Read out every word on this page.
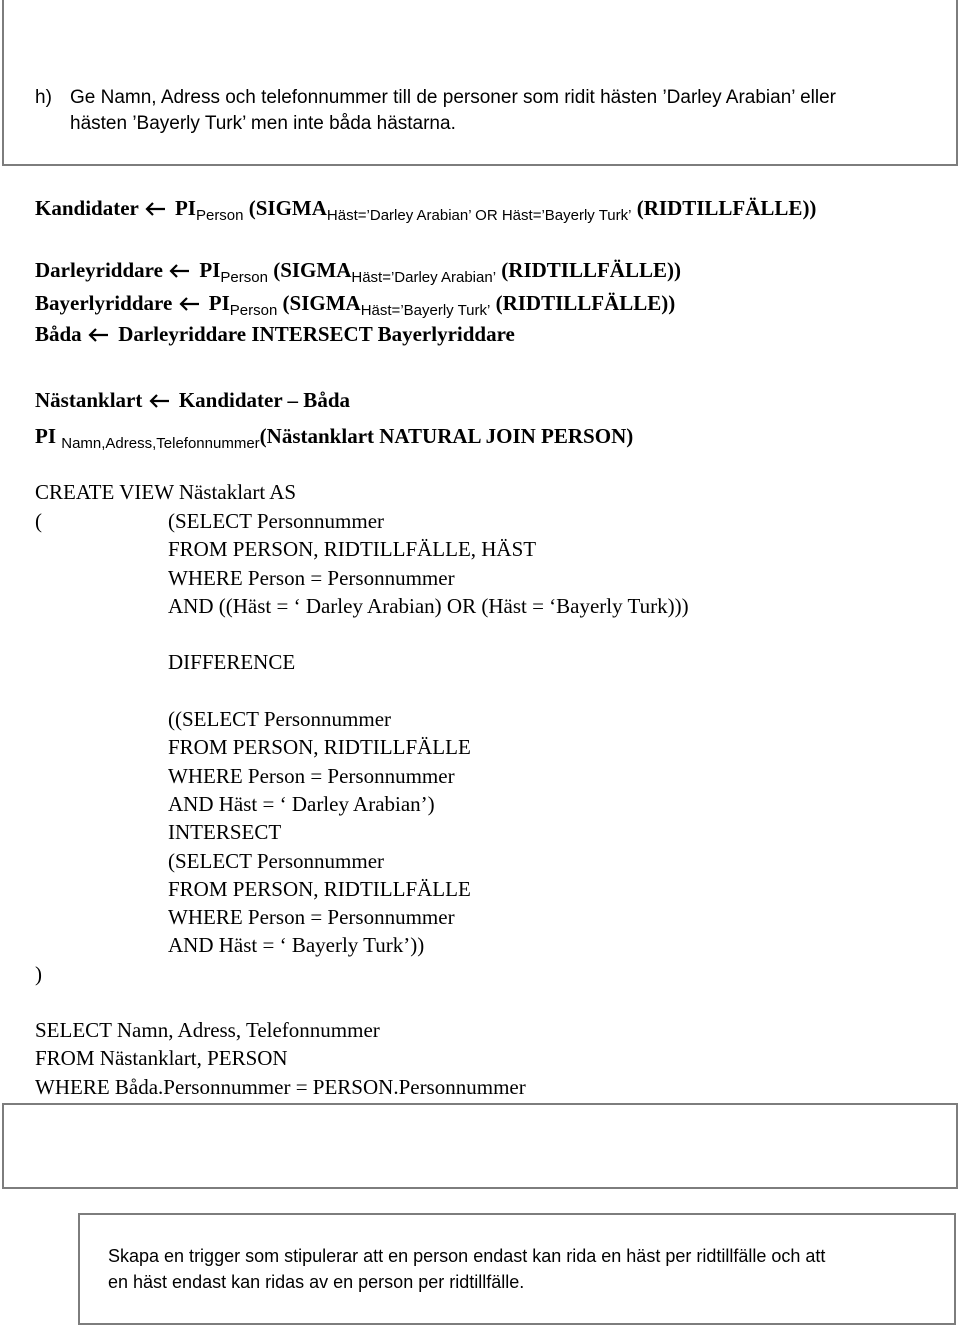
h) Ge Namn, Adress och telefonnummer till de personer som ridit hästen ’Darley Arabian’ eller
hästen ’Bayerly Turk’ men inte båda hästarna.
Kandidater $PI_{Person}$ ($SIGMA_{Häst=’Darley Arabian’ OR Häst=’Bayerly Turk’}$ (RIDTILLFÄLLE))
Darleyriddare $PI_{Person}$ ($SIGMA_{Häst=’Darley Arabian’}$ (RIDTILLFÄLLE))
Bayerlyriddare $PI_{Person}$ ($SIGMA_{Häst=’Bayerly Turk’}$ (RIDTILLFÄLLE))
Båda Darleyriddare INTERSECT Bayerlyriddare
Nästanklart Kandidater – Båda
PI $_{Namn,Adress,Telefonnummer}$(Nästanklart NATURAL JOIN PERSON)
CREATE VIEW Nästaklart AS
(	(SELECT Personnummer
FROM PERSON, RIDTILLFÄLLE, HÄST
WHERE Person = Personnummer
AND ((Häst = ‘ Darley Arabian) OR (Häst = ‘Bayerly Turk)))
DIFFERENCE
((SELECT Personnummer
FROM PERSON, RIDTILLFÄLLE
WHERE Person = Personnummer
AND Häst = ‘ Darley Arabian’)
INTERSECT
(SELECT Personnummer
FROM PERSON, RIDTILLFÄLLE
WHERE Person = Personnummer
AND Häst = ‘ Bayerly Turk’))
)
SELECT Namn, Adress, Telefonnummer
FROM Nästanklart, PERSON
WHERE Båda.Personnummer = PERSON.Personnummer
Skapa en trigger som stipulerar att en person endast kan rida en häst per ridtillfälle och att
en häst endast kan ridas av en person per ridtillfälle.
